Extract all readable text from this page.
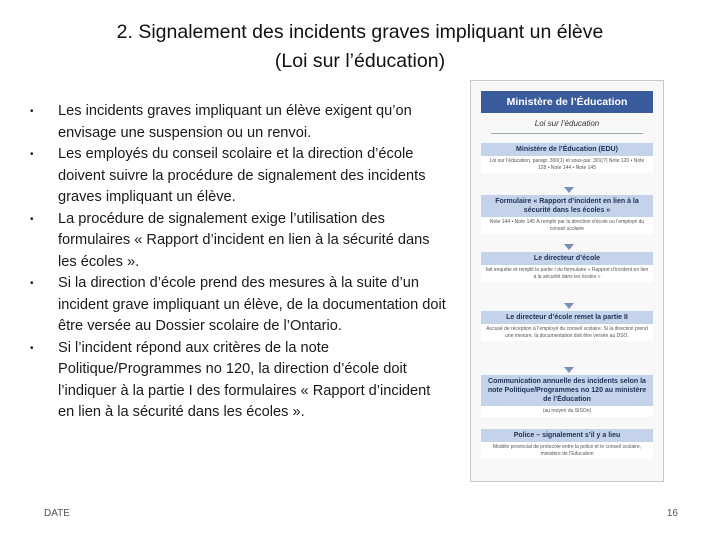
2. Signalement des incidents graves impliquant un élève
(Loi sur l’éducation)
•	Les incidents graves impliquant un élève exigent qu’on envisage une suspension ou un renvoi.
•	Les employés du conseil scolaire et la direction d’école doivent suivre la procédure de signalement des incidents graves impliquant un élève.
•	La procédure de signalement exige l’utilisation des formulaires « Rapport d’incident en lien à la sécurité dans les écoles ».
•	Si la direction d’école prend des mesures à la suite d’un incident grave impliquant un élève, de la documentation doit être versée au Dossier scolaire de l’Ontario.
•	Si l’incident répond aux critères de la note Politique/Programmes no 120, la direction d’école doit l’indiquer à la partie I des formulaires « Rapport d’incident en lien à la sécurité dans les écoles ».
Ministère de l’Éducation
Loi sur l’éducation
Ministère de l’Éducation (EDU)
Loi sur l’éducation, paragr. 300(1) et sous-par. 301(?) Note 120 • Note 128 • Note 144 • Note 145
Formulaire « Rapport d’incident en lien à la sécurité dans les écoles »
Note 144 • Note 145 À remplir par la direction d’école ou l’employé du conseil scolaire
Le directeur d’école
fait enquête et remplit la partie I du formulaire « Rapport d’incident en lien à la sécurité dans les écoles »
Le directeur d’école remet la partie II
Accusé de réception à l’employé du conseil scolaire. Si la direction prend une mesure, la documentation doit être versée au DSO.
Communication annuelle des incidents selon la note Politique/Programmes no 120 au ministère de l’Éducation
(au moyen du SISOn)
Police – signalement s’il y a lieu
Modèle provincial de protocole entre la police et le conseil scolaire, ministère de l’Éducation
DATE	16
